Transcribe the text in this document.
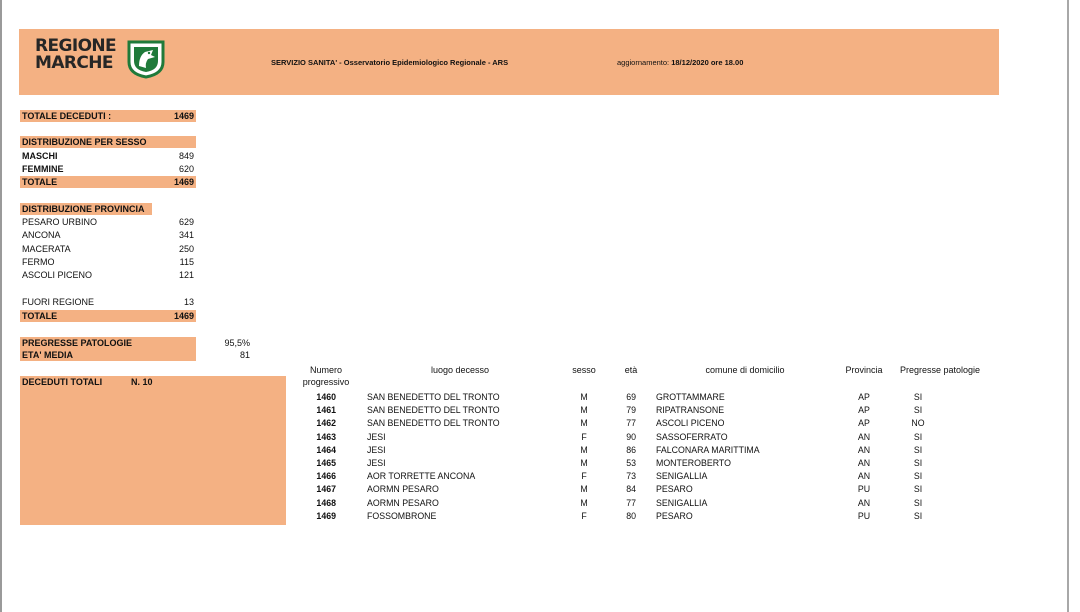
REGIONE
MARCHE	SERVIZIO SANITA' - Osservatorio Epidemiologico Regionale - ARS	aggiornamento: 18/12/2020 ore 18.00
TOTALE DECEDUTI :	1469
DISTRIBUZIONE PER SESSO
MASCHI	849
FEMMINE	620
TOTALE	1469
DISTRIBUZIONE PROVINCIA
PESARO URBINO	629
ANCONA	341
MACERATA	250
FERMO	115
ASCOLI PICENO	121
FUORI REGIONE	13
TOTALE	1469
PREGRESSE PATOLOGIE	95,5%
ETA' MEDIA	81
DECEDUTI TOTALI	N. 10
Numero
progressivo
luogo decesso	sesso	età	comune di domicilio	Provincia	Pregresse patologie
1460	SAN BENEDETTO DEL TRONTO	M	69 GROTTAMMARE	AP	SI
1461	SAN BENEDETTO DEL TRONTO	M	79 RIPATRANSONE	AP	SI
1462	SAN BENEDETTO DEL TRONTO	M	77 ASCOLI PICENO	AP	NO
1463	JESI	F	90 SASSOFERRATO	AN	SI
1464	JESI	M	86 FALCONARA MARITTIMA	AN	SI
1465	JESI	M	53 MONTEROBERTO	AN	SI
1466	AOR TORRETTE ANCONA	F	73 SENIGALLIA	AN	SI
1467	AORMN PESARO	M	84 PESARO	PU	SI
1468	AORMN PESARO	M	77 SENIGALLIA	AN	SI
1469	FOSSOMBRONE	F	80 PESARO	PU	SI
